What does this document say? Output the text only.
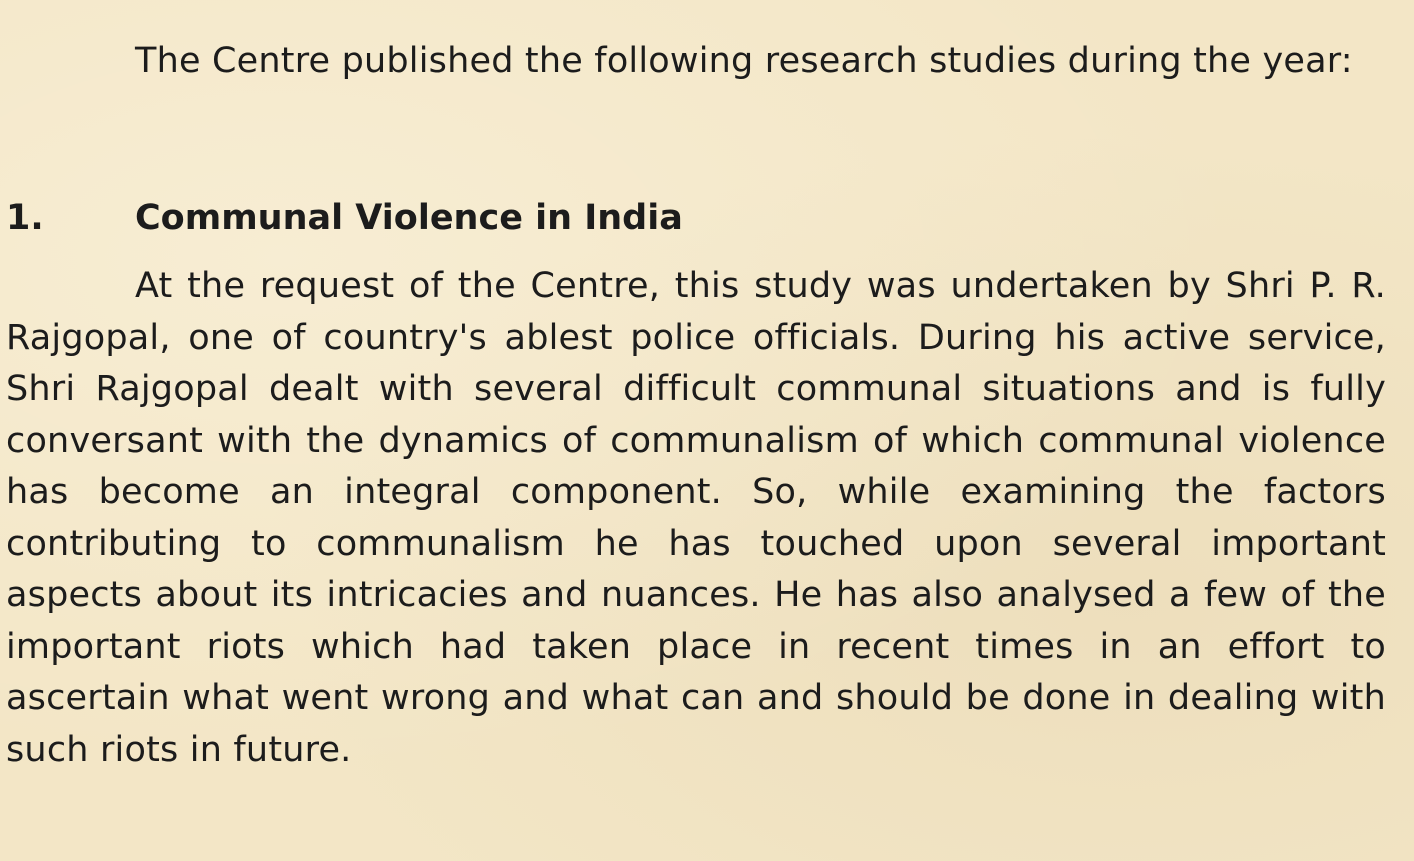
The Centre published the following research studies during the year:

1.	Communal Violence in India

At the request of the Centre, this study was undertaken by Shri P. R. Rajgopal, one of country's ablest police officials. During his active service, Shri Rajgopal dealt with several difficult communal situations and is fully conversant with the dynamics of communalism of which communal violence has become an integral component. So, while examining the factors contributing to communalism he has touched upon several important aspects about its intricacies and nuances. He has also analysed a few of the important riots which had taken place in recent times in an effort to ascertain what went wrong and what can and should be done in dealing with such riots in future.
